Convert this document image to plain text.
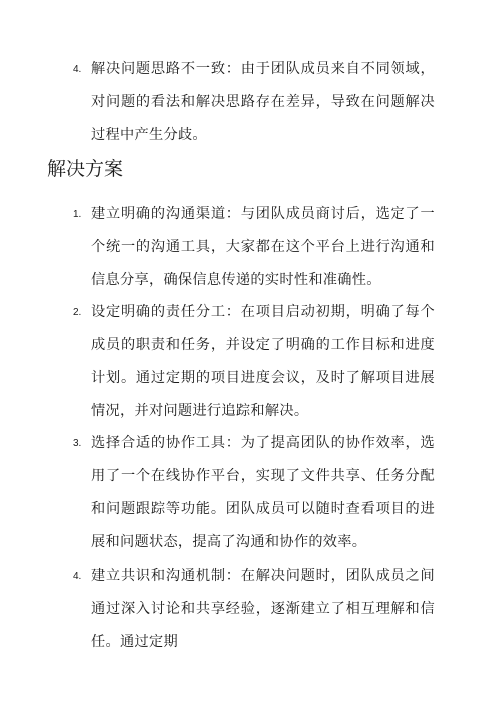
4. 解决问题思路不一致：由于团队成员来自不同领域，对问题的看法和解决思路存在差异，导致在问题解决过程中产生分歧。
解决方案
1. 建立明确的沟通渠道：与团队成员商讨后，选定了一个统一的沟通工具，大家都在这个平台上进行沟通和信息分享，确保信息传递的实时性和准确性。
2. 设定明确的责任分工：在项目启动初期，明确了每个成员的职责和任务，并设定了明确的工作目标和进度计划。通过定期的项目进度会议，及时了解项目进展情况，并对问题进行追踪和解决。
3. 选择合适的协作工具：为了提高团队的协作效率，选用了一个在线协作平台，实现了文件共享、任务分配和问题跟踪等功能。团队成员可以随时查看项目的进展和问题状态，提高了沟通和协作的效率。
4. 建立共识和沟通机制：在解决问题时，团队成员之间通过深入讨论和共享经验，逐渐建立了相互理解和信任。通过定期
